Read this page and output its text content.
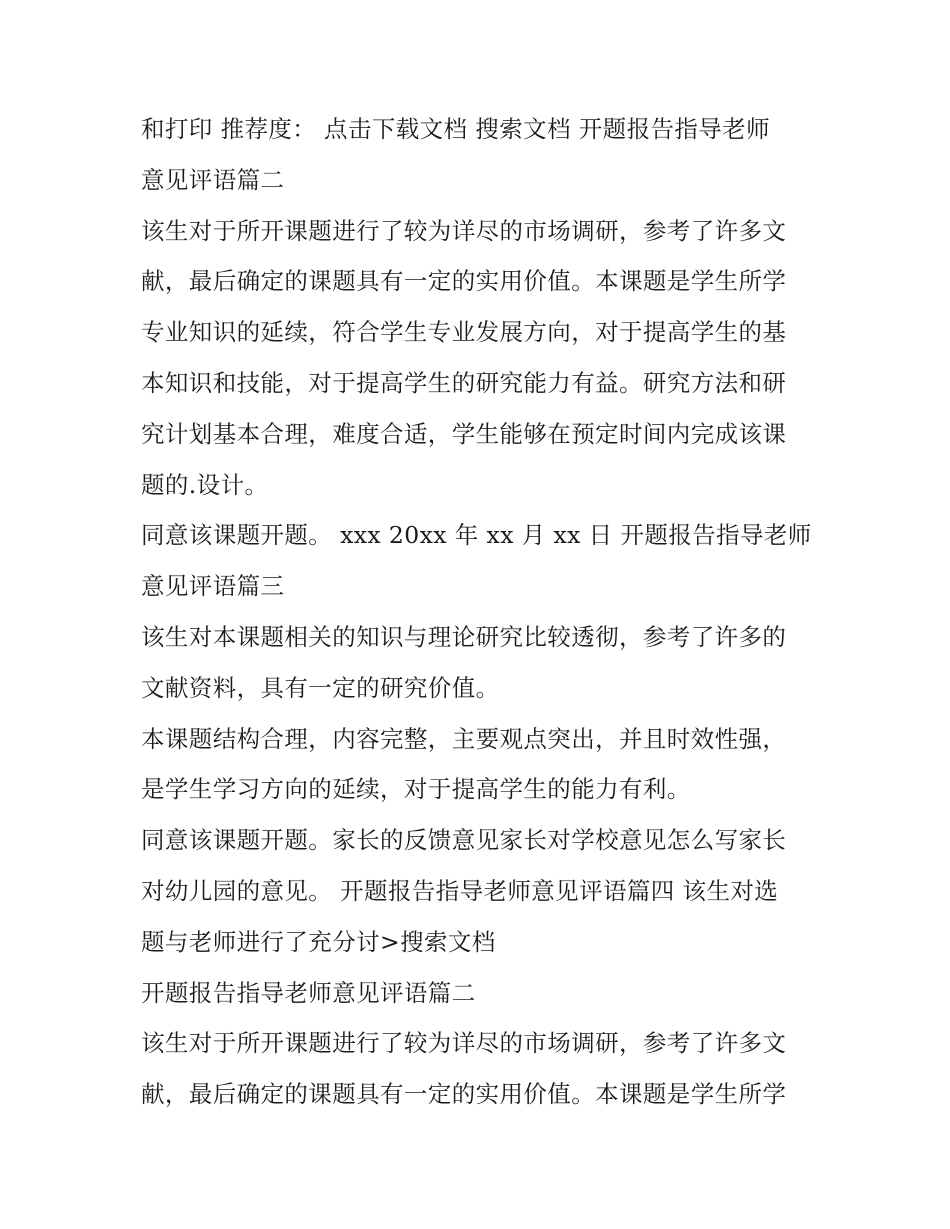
和打印 推荐度： 点击下载文档 搜索文档 开题报告指导老师
意见评语篇二
该生对于所开课题进行了较为详尽的市场调研，参考了许多文
献，最后确定的课题具有一定的实用价值。本课题是学生所学
专业知识的延续，符合学生专业发展方向，对于提高学生的基
本知识和技能，对于提高学生的研究能力有益。研究方法和研
究计划基本合理，难度合适，学生能够在预定时间内完成该课
题的.设计。
同意该课题开题。 xxx 20xx 年 xx 月 xx 日 开题报告指导老师
意见评语篇三
该生对本课题相关的知识与理论研究比较透彻，参考了许多的
文献资料，具有一定的研究价值。
本课题结构合理，内容完整，主要观点突出，并且时效性强，
是学生学习方向的延续，对于提高学生的能力有利。
同意该课题开题。家长的反馈意见家长对学校意见怎么写家长
对幼儿园的意见。 开题报告指导老师意见评语篇四 该生对选
题与老师进行了充分讨>搜索文档
开题报告指导老师意见评语篇二
该生对于所开课题进行了较为详尽的市场调研，参考了许多文
献，最后确定的课题具有一定的实用价值。本课题是学生所学
